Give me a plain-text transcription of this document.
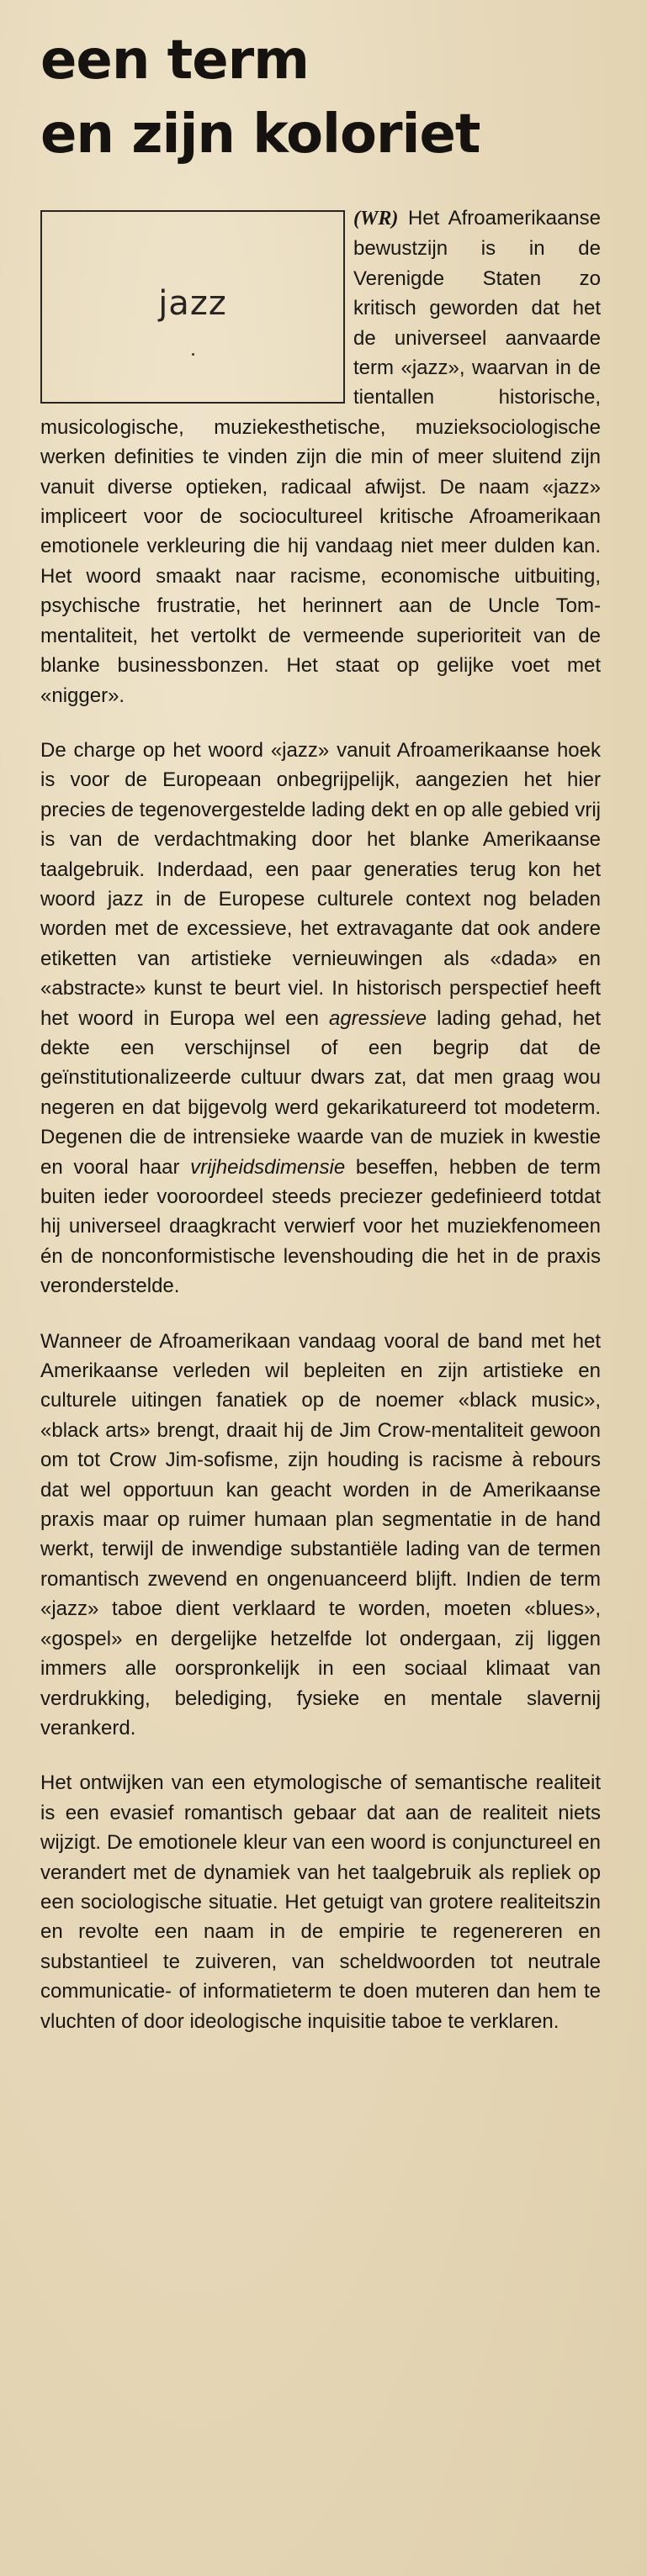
een term
en zijn koloriet
jazz

(WR) Het Afroamerikaanse bewustzijn is in de Verenigde Staten zo kritisch geworden dat het de universeel aanvaarde term «jazz», waarvan in de tientallen historische, musicologische, muziekesthetische, muzieksociologische werken definities te vinden zijn die min of meer sluitend zijn vanuit diverse optieken, radicaal afwijst. De naam «jazz» impliceert voor de sociocultureel kritische Afroamerikaan emotionele verkleuring die hij vandaag niet meer dulden kan. Het woord smaakt naar racisme, economische uitbuiting, psychische frustratie, het herinnert aan de Uncle Tom-mentaliteit, het vertolkt de vermeende superioriteit van de blanke businessbonzen. Het staat op gelijke voet met «nigger».

De charge op het woord «jazz» vanuit Afroamerikaanse hoek is voor de Europeaan onbegrijpelijk, aangezien het hier precies de tegenovergestelde lading dekt en op alle gebied vrij is van de verdachtmaking door het blanke Amerikaanse taalgebruik. Inderdaad, een paar generaties terug kon het woord jazz in de Europese culturele context nog beladen worden met de excessieve, het extravagante dat ook andere etiketten van artistieke vernieuwingen als «dada» en «abstracte» kunst te beurt viel. In historisch perspectief heeft het woord in Europa wel een agressieve lading gehad, het dekte een verschijnsel of een begrip dat de geïnstitutionalizeerde cultuur dwars zat, dat men graag wou negeren en dat bijgevolg werd gekarikatureerd tot modeterm. Degenen die de intrensieke waarde van de muziek in kwestie en vooral haar vrijheidsdimensie beseffen, hebben de term buiten ieder vooroordeel steeds preciezer gedefinieerd totdat hij universeel draagkracht verwierf voor het muziekfenomeen én de nonconformistische levenshouding die het in de praxis veronderstelde.

Wanneer de Afroamerikaan vandaag vooral de band met het Amerikaanse verleden wil bepleiten en zijn artistieke en culturele uitingen fanatiek op de noemer «black music», «black arts» brengt, draait hij de Jim Crow-mentaliteit gewoon om tot Crow Jim-sofisme, zijn houding is racisme à rebours dat wel opportuun kan geacht worden in de Amerikaanse praxis maar op ruimer humaan plan segmentatie in de hand werkt, terwijl de inwendige substantiële lading van de termen romantisch zwevend en ongenuanceerd blijft. Indien de term «jazz» taboe dient verklaard te worden, moeten «blues», «gospel» en dergelijke hetzelfde lot ondergaan, zij liggen immers alle oorspronkelijk in een sociaal klimaat van verdrukking, belediging, fysieke en mentale slavernij verankerd.

Het ontwijken van een etymologische of semantische realiteit is een evasief romantisch gebaar dat aan de realiteit niets wijzigt. De emotionele kleur van een woord is conjunctureel en verandert met de dynamiek van het taalgebruik als repliek op een sociologische situatie. Het getuigt van grotere realiteitszin en revolte een naam in de empirie te regenereren en substantieel te zuiveren, van scheldwoorden tot neutrale communicatie- of informatieterm te doen muteren dan hem te vluchten of door ideologische inquisitie taboe te verklaren.
